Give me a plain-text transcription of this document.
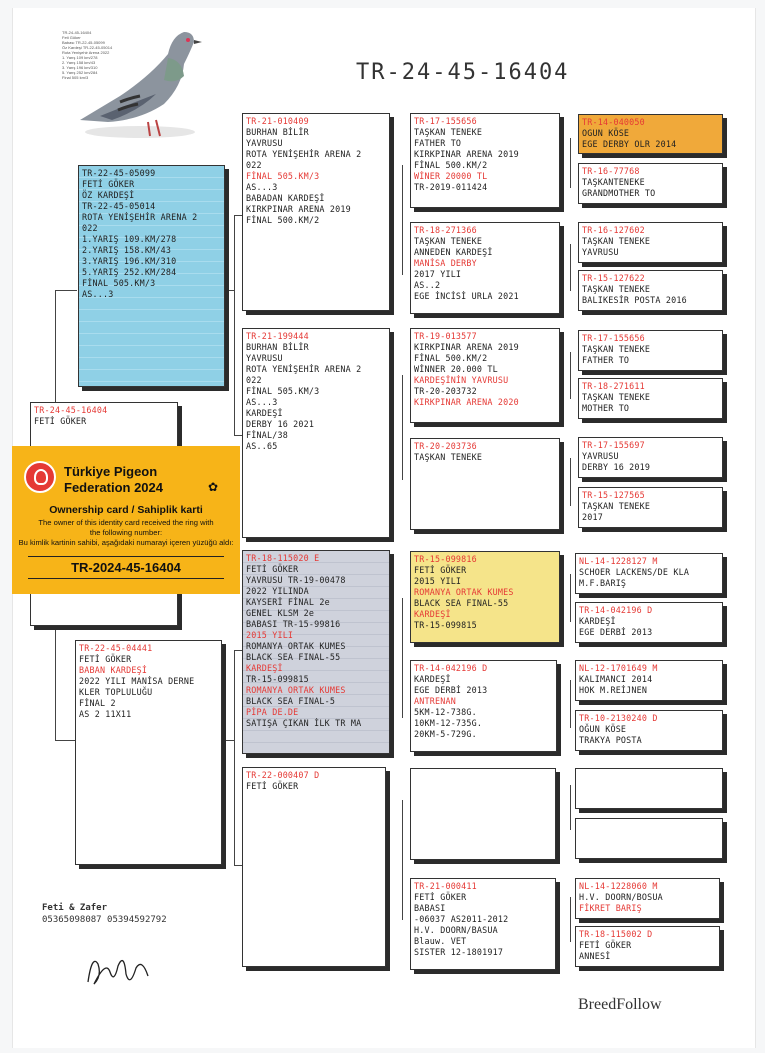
TR-24-45-16404
Feti Göker
Babası TR-22-45-05099
Öz Kardeşi TR-22-45-05014
Rota Yenişehir Arena 2022
1. Yarış 109 km/278
2. Yarış 158 km/43
3. Yarış 196 km/310
5. Yarış 252 km/284
Final 505 km/3	TR-24-45-16404
TR-24-45-16404
FETİ GÖKER
TR-22-45-05099
FETİ GÖKER
ÖZ KARDEŞİ
TR-22-45-05014
ROTA YENİŞEHİR ARENA 2
022
1.YARIŞ 109.KM/278
2.YARIŞ 158.KM/43
3.YARIŞ 196.KM/310
5.YARIŞ 252.KM/284
FİNAL 505.KM/3
AS...3
TR-22-45-04441
FETİ GÖKER
BABAN KARDEŞİ
2022 YILI MANİSA DERNE
KLER TOPLULUĞU
FİNAL 2
AS 2 11X11
TR-21-010409
BURHAN BİLİR
YAVRUSU
ROTA YENİŞEHİR ARENA 2
022
FİNAL 505.KM/3
AS...3
BABADAN KARDEŞİ
KIRKPINAR ARENA 2019
FİNAL 500.KM/2
TR-21-199444
BURHAN BİLİR
YAVRUSU
ROTA YENİŞEHİR ARENA 2
022
FİNAL 505.KM/3
AS...3
KARDEŞİ
DERBY 16 2021
FİNAL/38
AS..65
TR-18-115020 E
FETİ GÖKER
YAVRUSU TR-19-00478
2022 YILINDA
KAYSERİ FİNAL 2e
GENEL KLSM 2e
BABASI TR-15-99816
2015 YILI
ROMANYA ORTAK KUMES
BLACK SEA FINAL-55
KARDEŞİ
TR-15-099815
ROMANYA ORTAK KUMES
BLACK SEA FINAL-5
PİPA DE.DE
SATIŞA ÇIKAN İLK TR MA
TR-22-000407 D
FETİ GÖKER
TR-17-155656
TAŞKAN TENEKE
FATHER TO
KIRKPINAR ARENA 2019
FİNAL 500.KM/2
WİNER 20000 TL
TR-2019-011424
TR-18-271366
TAŞKAN TENEKE
ANNEDEN KARDEŞİ
MANİSA DERBY
2017 YILI
AS..2
EGE İNCİSİ URLA 2021
TR-19-013577
KIRKPINAR ARENA 2019
FİNAL 500.KM/2
WİNNER 20.000 TL
KARDEŞİNİN YAVRUSU
TR-20-203732
KIRKPINAR ARENA 2020
TR-20-203736
TAŞKAN TENEKE
TR-15-099816
FETİ GÖKER
2015 YILI
ROMANYA ORTAK KUMES
BLACK SEA FINAL-55
KARDEŞİ
TR-15-099815
TR-14-042196 D
KARDEŞİ
EGE DERBİ 2013
ANTRENAN
5KM-12-738G.
10KM-12-735G.
20KM-5-729G.
TR-21-000411
FETİ GÖKER
BABASI
-06037 AS2011-2012
H.V. DOORN/BASUA
Blauw. VET
SISTER 12-1801917
TR-14-040050
OGUN KÖSE
EGE DERBY OLR 2014
TR-16-77768
TAŞKANTENEKE
GRANDMOTHER TO
TR-16-127602
TAŞKAN TENEKE
YAVRUSU
TR-15-127622
TAŞKAN TENEKE
BALIKESİR POSTA 2016
TR-17-155656
TAŞKAN TENEKE
FATHER TO
TR-18-271611
TAŞKAN TENEKE
MOTHER TO
TR-17-155697
YAVRUSU
DERBY 16 2019
TR-15-127565
TAŞKAN TENEKE
2017
NL-14-1228127 M
SCHOER LACKENS/DE KLA
M.F.BARIŞ
TR-14-042196 D
KARDEŞİ
EGE DERBİ 2013
NL-12-1701649 M
KALIMANCI 2014
HOK M.REİJNEN
TR-10-2130240 D
OĞUN KÖSE
TRAKYA POSTA
NL-14-1228060 M
H.V. DOORN/BOSUA
FİKRET BARIŞ
TR-18-115002 D
FETİ GÖKER
ANNESİ
Türkiye Pigeon
Federation 2024	✿
Ownership card / Sahiplik karti
The owner of this identity card received the ring with
the following number:
Bu kimlik kartinin sahibi, aşağıdaki numarayi içeren yüzüğü aldı:
TR-2024-45-16404
Feti & Zafer
05365098087 05394592792
BreedFollow
